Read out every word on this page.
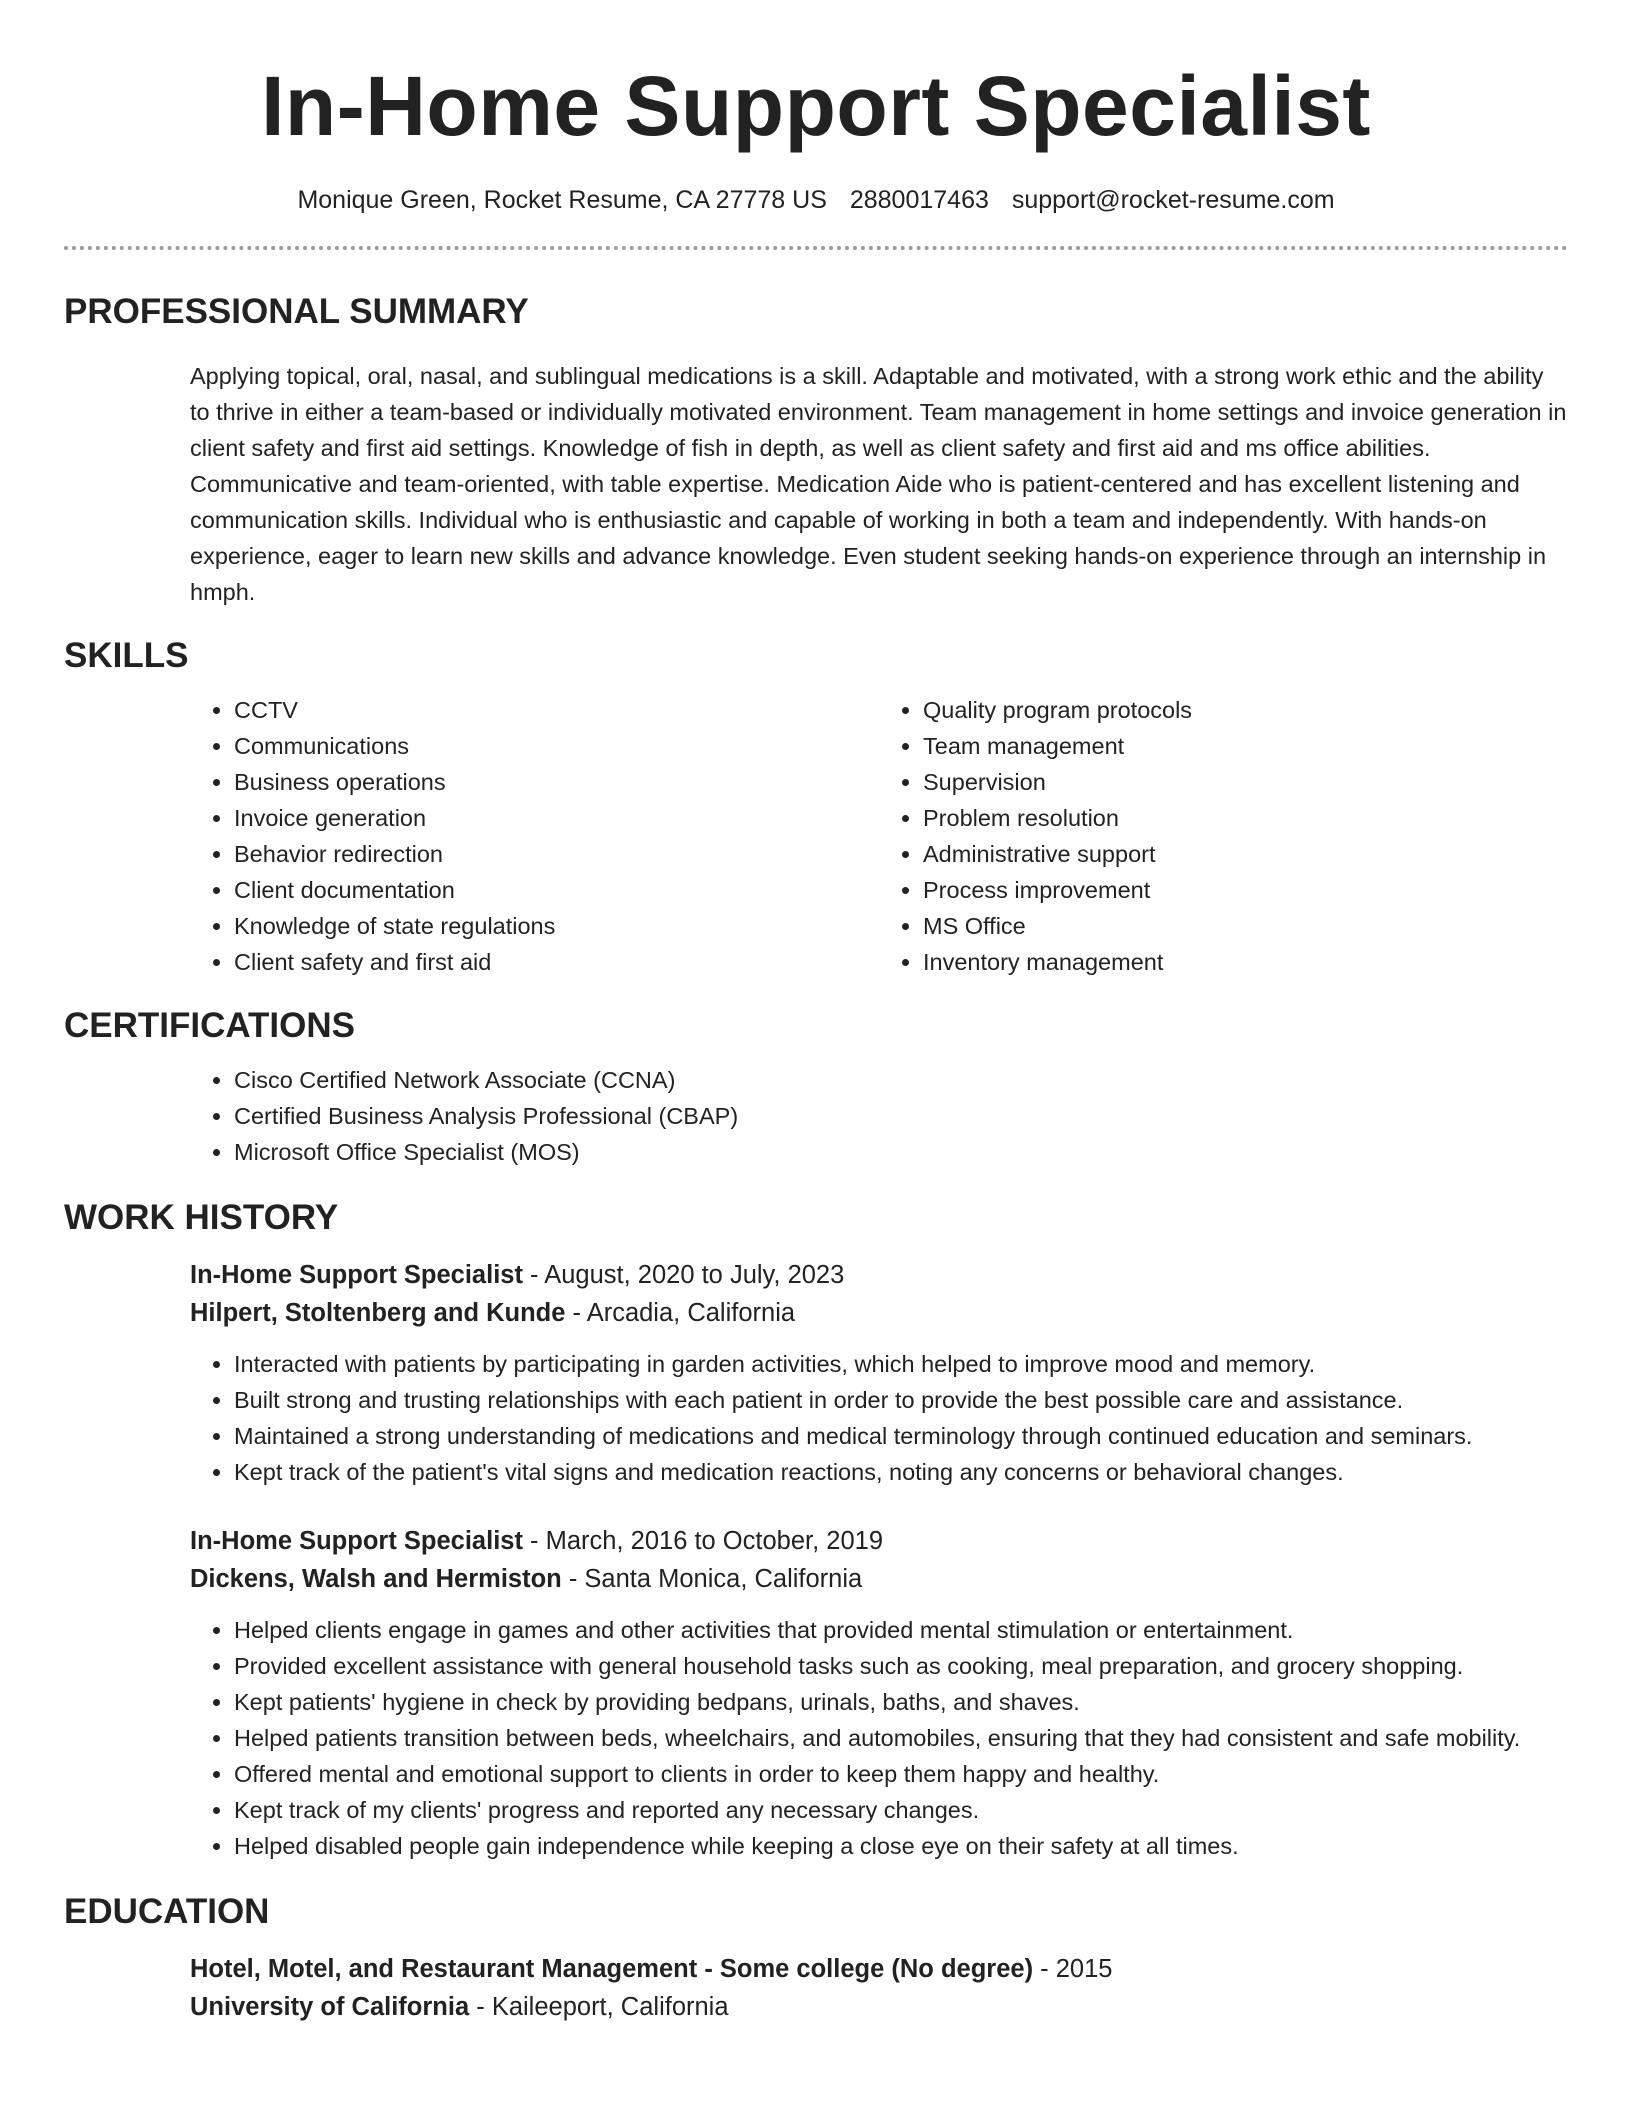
In-Home Support Specialist
Monique Green, Rocket Resume, CA 27778 US 2880017463 support@rocket-resume.com
PROFESSIONAL SUMMARY

Applying topical, oral, nasal, and sublingual medications is a skill. Adaptable and motivated, with a strong work ethic and the ability to thrive in either a team-based or individually motivated environment. Team management in home settings and invoice generation in client safety and first aid settings. Knowledge of fish in depth, as well as client safety and first aid and ms office abilities. Communicative and team-oriented, with table expertise. Medication Aide who is patient-centered and has excellent listening and communication skills. Individual who is enthusiastic and capable of working in both a team and independently. With hands-on experience, eager to learn new skills and advance knowledge. Even student seeking hands-on experience through an internship in hmph.

SKILLS
• CCTV
• Communications
• Business operations
• Invoice generation
• Behavior redirection
• Client documentation
• Knowledge of state regulations
• Client safety and first aid
• Quality program protocols
• Team management
• Supervision
• Problem resolution
• Administrative support
• Process improvement
• MS Office
• Inventory management
CERTIFICATIONS
• Cisco Certified Network Associate (CCNA)
• Certified Business Analysis Professional (CBAP)
• Microsoft Office Specialist (MOS)
WORK HISTORY
In-Home Support Specialist - August, 2020 to July, 2023
Hilpert, Stoltenberg and Kunde - Arcadia, California
• Interacted with patients by participating in garden activities, which helped to improve mood and memory.
• Built strong and trusting relationships with each patient in order to provide the best possible care and assistance.
• Maintained a strong understanding of medications and medical terminology through continued education and seminars.
• Kept track of the patient's vital signs and medication reactions, noting any concerns or behavioral changes.
In-Home Support Specialist - March, 2016 to October, 2019
Dickens, Walsh and Hermiston - Santa Monica, California
• Helped clients engage in games and other activities that provided mental stimulation or entertainment.
• Provided excellent assistance with general household tasks such as cooking, meal preparation, and grocery shopping.
• Kept patients' hygiene in check by providing bedpans, urinals, baths, and shaves.
• Helped patients transition between beds, wheelchairs, and automobiles, ensuring that they had consistent and safe mobility.
• Offered mental and emotional support to clients in order to keep them happy and healthy.
• Kept track of my clients' progress and reported any necessary changes.
• Helped disabled people gain independence while keeping a close eye on their safety at all times.
EDUCATION
Hotel, Motel, and Restaurant Management - Some college (No degree) - 2015
University of California - Kaileeport, California
